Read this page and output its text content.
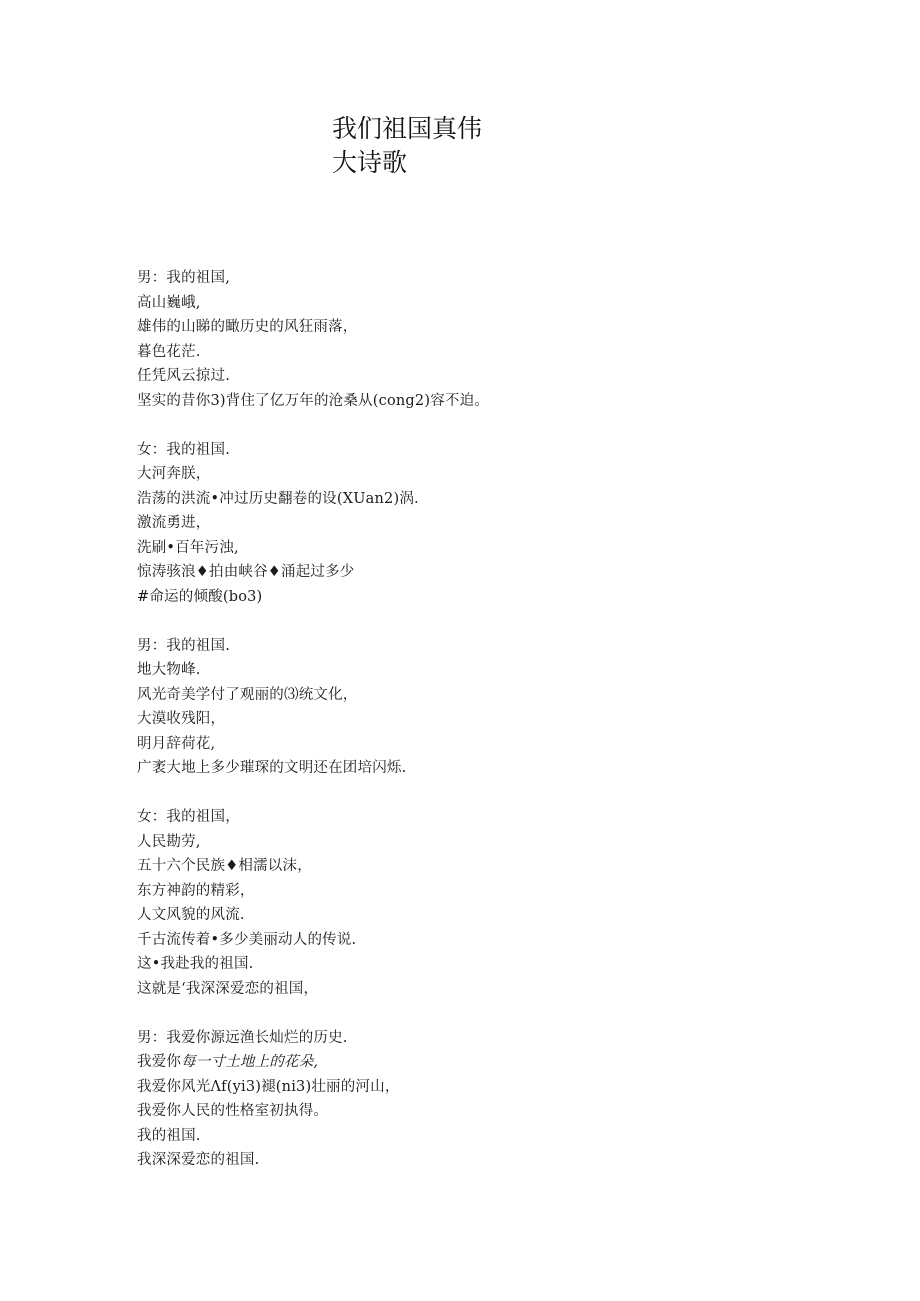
我们祖国真伟
大诗歌
男：我的祖国,
高山巍峨,
雄伟的山睇的瞰历史的风狂雨落，
暮色花茫.
任凭风云掠过.
坚实的昔你3)背住了亿万年的沧桑从(cong2)容不迫。
女：我的祖国.
大河奔朕，
浩荡的洪流•冲过历史翻卷的设(XUan2)涡.
激流勇进，
洗刷•百年污浊,
惊涛骇浪♦拍由峡谷♦涌起过多少
#命运的倾酸(bo3)
男：我的祖国.
地大物峰.
风光奇美学付了观丽的⑶统文化，
大漠收残阳，
明月辞荷花,
广袤大地上多少璀琛的文明还在团培闪烁.
女：我的祖国，
人民勘劳,
五十六个民族♦相濡以沫，
东方神韵的精彩，
人文风貌的风流.
千古流传着•多少美丽动人的传说.
这•我赴我的祖国.
这就是‘我深深爱恋的祖国，
男：我爱你源远渔长灿烂的历史.
我爱你每一寸土地上的花朵,
我爱你风光Λf(yi3)褪(ni3)壮丽的河山，
我爱你人民的性格室初执得。
我的祖国.
我深深爱恋的祖国.
